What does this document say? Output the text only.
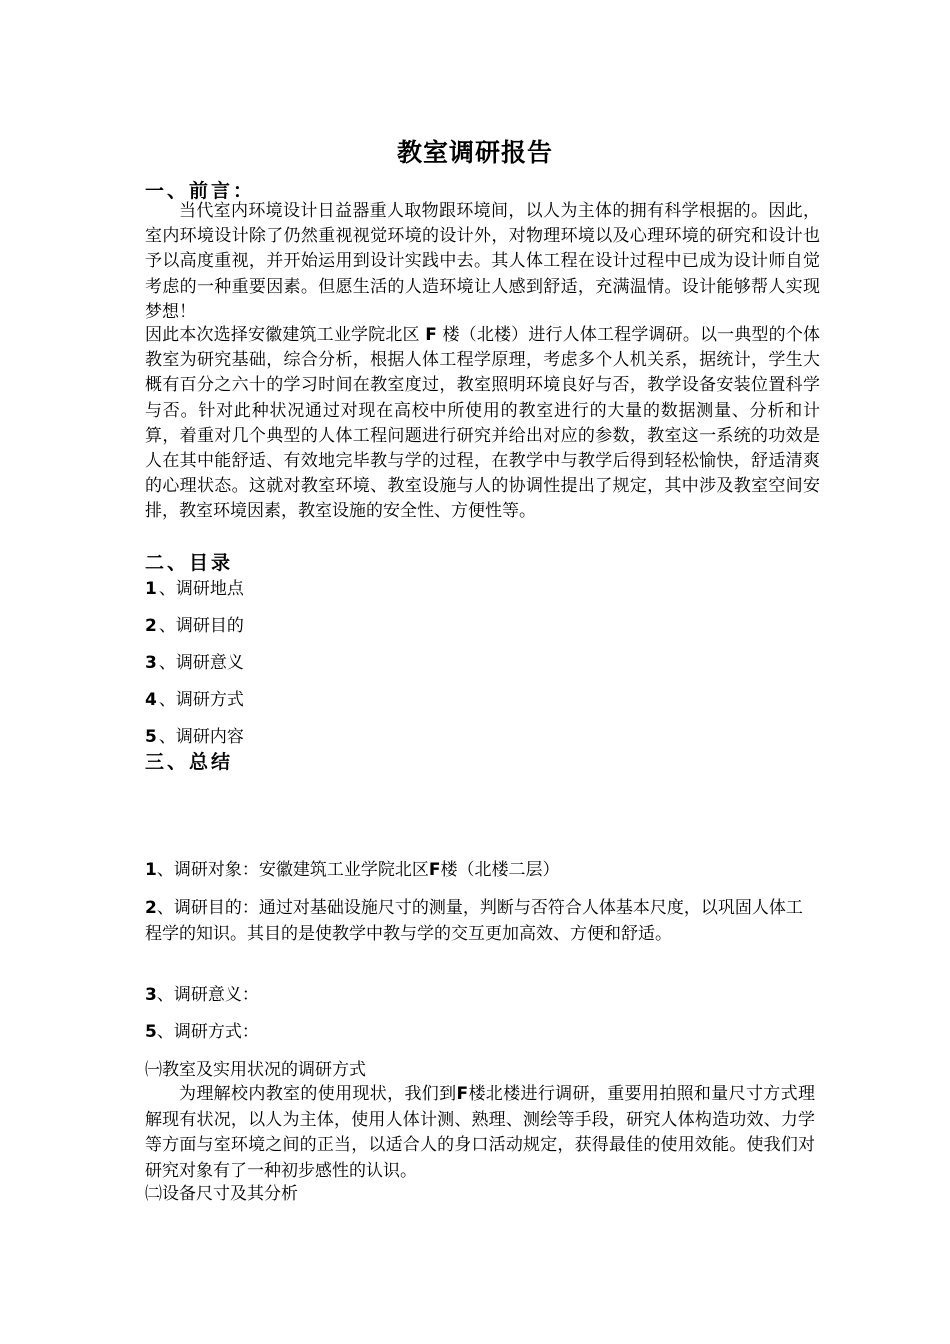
教室调研报告
一、前言：
当代室内环境设计日益器重人取物跟环境间，以人为主体的拥有科学根据的。因此，室内环境设计除了仍然重视视觉环境的设计外，对物理环境以及心理环境的研究和设计也予以高度重视，并开始运用到设计实践中去。其人体工程在设计过程中已成为设计师自觉考虑的一种重要因素。但愿生活的人造环境让人感到舒适，充满温情。设计能够帮人实现梦想！
因此本次选择安徽建筑工业学院北区 F 楼（北楼）进行人体工程学调研。以一典型的个体教室为研究基础，综合分析，根据人体工程学原理，考虑多个人机关系，据统计，学生大概有百分之六十的学习时间在教室度过，教室照明环境良好与否，教学设备安装位置科学与否。针对此种状况通过对现在高校中所使用的教室进行的大量的数据测量、分析和计算，着重对几个典型的人体工程问题进行研究并给出对应的参数，教室这一系统的功效是人在其中能舒适、有效地完毕教与学的过程，在教学中与教学后得到轻松愉快，舒适清爽的心理状态。这就对教室环境、教室设施与人的协调性提出了规定，其中涉及教室空间安排，教室环境因素，教室设施的安全性、方便性等。
二、目录
1 、调研地点
2 、调研目的
3 、调研意义
4 、调研方式
5 、调研内容
三、总结
1、调研对象：安徽建筑工业学院北区F楼（北楼二层）
2、调研目的：通过对基础设施尺寸的测量，判断与否符合人体基本尺度，以巩固人体工程学的知识。其目的是使教学中教与学的交互更加高效、方便和舒适。
3、调研意义：
5、调研方式：
㈠教室及实用状况的调研方式
为理解校内教室的使用现状，我们到F楼北楼进行调研，重要用拍照和量尺寸方式理解现有状况，以人为主体，使用人体计测、熟理、测绘等手段，研究人体构造功效、力学等方面与室环境之间的正当，以适合人的身口活动规定，获得最佳的使用效能。使我们对研究对象有了一种初步感性的认识。
㈡设备尺寸及其分析
